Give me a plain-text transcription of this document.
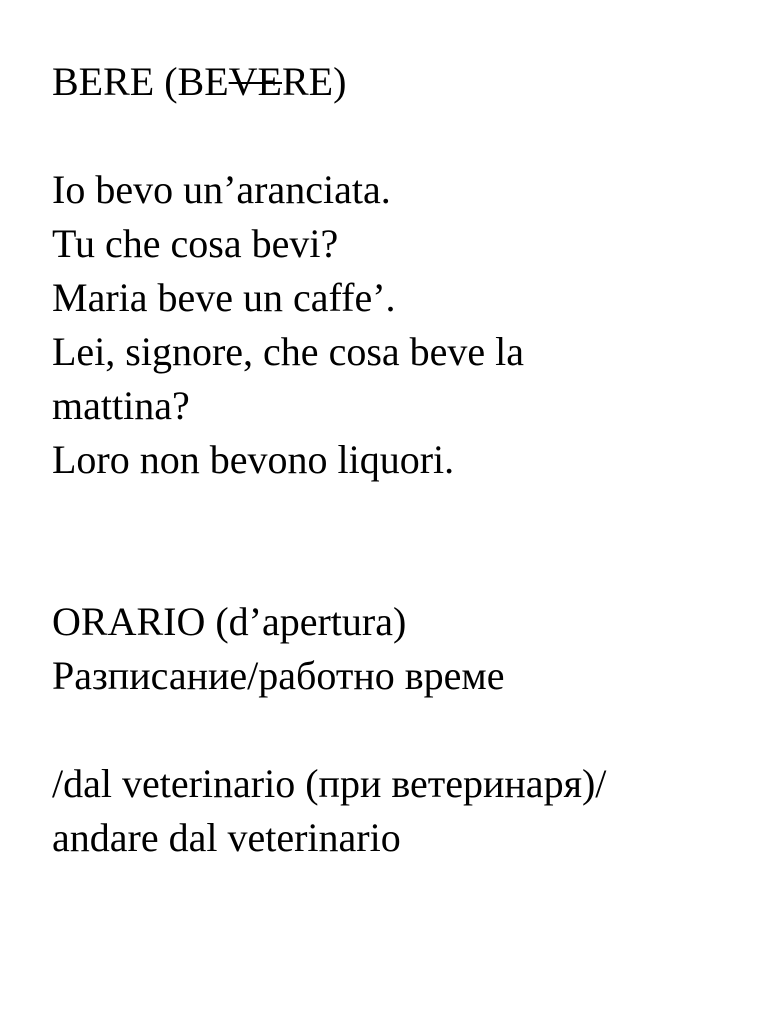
BERE (BEVERE)
Io bevo un’aranciata.
Tu che cosa bevi?
Maria beve un caffe’.
Lei, signore, che cosa beve la
mattina?
Loro non bevono liquori.
ORARIO (d’apertura)
Разписание/работно време
/dal veterinario (при ветеринаря)/
andare dal veterinario
